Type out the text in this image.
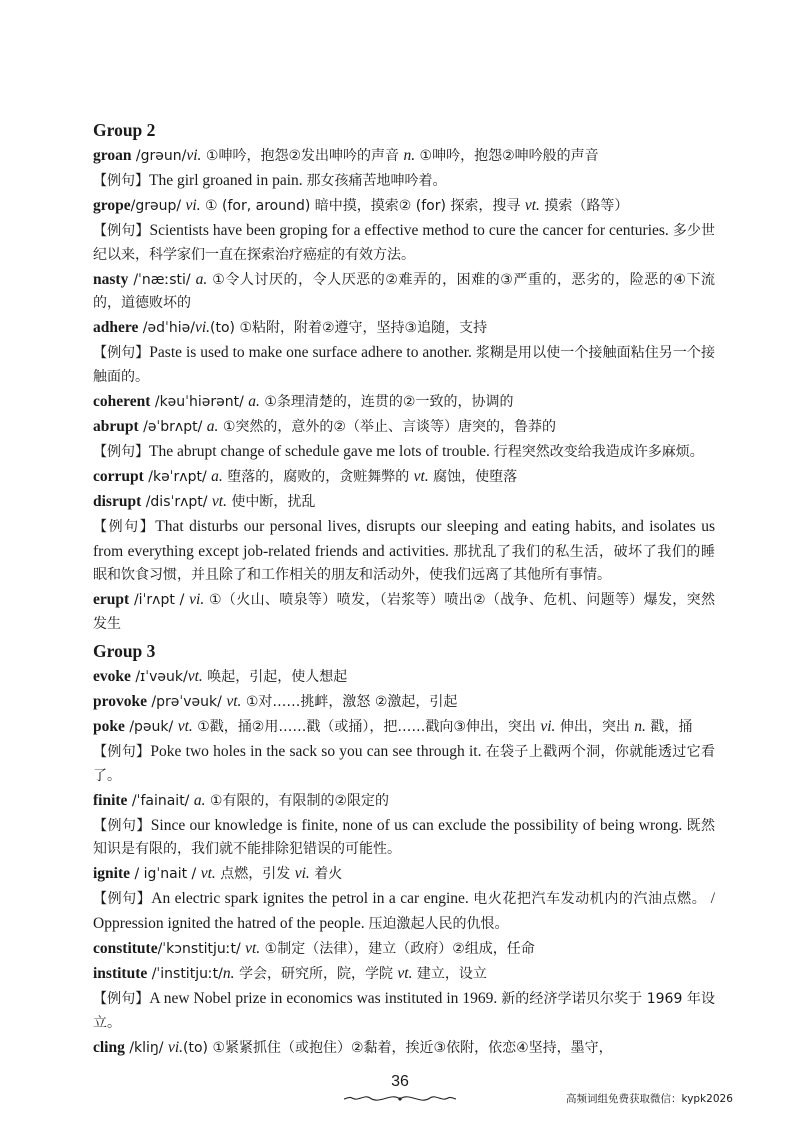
Group 2

groan /grəun/vi. ①呻吟，抱怨②发出呻吟的声音 n. ①呻吟，抱怨②呻吟般的声音

【例句】The girl groaned in pain. 那女孩痛苦地呻吟着。

grope/grəup/ vi. ① (for, around) 暗中摸，摸索② (for) 探索，搜寻 vt. 摸索（路等）

【例句】Scientists have been groping for a effective method to cure the cancer for centuries. 多少世纪以来，科学家们一直在探索治疗癌症的有效方法。

nasty /ˈnæːsti/ a. ①令人讨厌的，令人厌恶的②难弄的，困难的③严重的，恶劣的，险恶的④下流的，道德败坏的

adhere /ədˈhiə/vi.(to) ①粘附，附着②遵守，坚持③追随，支持

【例句】Paste is used to make one surface adhere to another. 浆糊是用以使一个接触面粘住另一个接触面的。

coherent /kəuˈhiərənt/ a. ①条理清楚的，连贯的②一致的，协调的

abrupt /əˈbrʌpt/ a. ①突然的，意外的②（举止、言谈等）唐突的，鲁莽的

【例句】The abrupt change of schedule gave me lots of trouble. 行程突然改变给我造成许多麻烦。

corrupt /kəˈrʌpt/ a. 堕落的，腐败的，贪赃舞弊的 vt. 腐蚀，使堕落

disrupt /disˈrʌpt/ vt. 使中断，扰乱

【例句】That disturbs our personal lives, disrupts our sleeping and eating habits, and isolates us from everything except job-related friends and activities. 那扰乱了我们的私生活，破坏了我们的睡眠和饮食习惯，并且除了和工作相关的朋友和活动外，使我们远离了其他所有事情。

erupt /iˈrʌpt / vi. ①（火山、喷泉等）喷发，（岩浆等）喷出②（战争、危机、问题等）爆发，突然发生

Group 3

evoke /ɪˈvəuk/vt. 唤起，引起，使人想起

provoke /prəˈvəuk/ vt. ①对……挑衅，激怒 ②激起，引起

poke /pəuk/ vt. ①戳，捅②用……戳（或捅），把……戳向③伸出，突出 vi. 伸出，突出 n. 戳，捅

【例句】Poke two holes in the sack so you can see through it. 在袋子上戳两个洞，你就能透过它看了。

finite /ˈfainait/ a. ①有限的，有限制的②限定的

【例句】Since our knowledge is finite, none of us can exclude the possibility of being wrong. 既然知识是有限的，我们就不能排除犯错误的可能性。

ignite / igˈnait / vt. 点燃，引发 vi. 着火

【例句】An electric spark ignites the petrol in a car engine. 电火花把汽车发动机内的汽油点燃。 / Oppression ignited the hatred of the people. 压迫激起人民的仇恨。

constitute/ˈkɔnstitjuːt/ vt. ①制定（法律），建立（政府）②组成，任命

institute /ˈinstitjuːt/n. 学会，研究所，院，学院 vt. 建立，设立

【例句】A new Nobel prize in economics was instituted in 1969. 新的经济学诺贝尔奖于 1969 年设立。

cling /kliŋ/ vi.(to) ①紧紧抓住（或抱住）②黏着，挨近③依附，依恋④坚持，墨守，

36
高频词组免费获取微信：kypk2026
